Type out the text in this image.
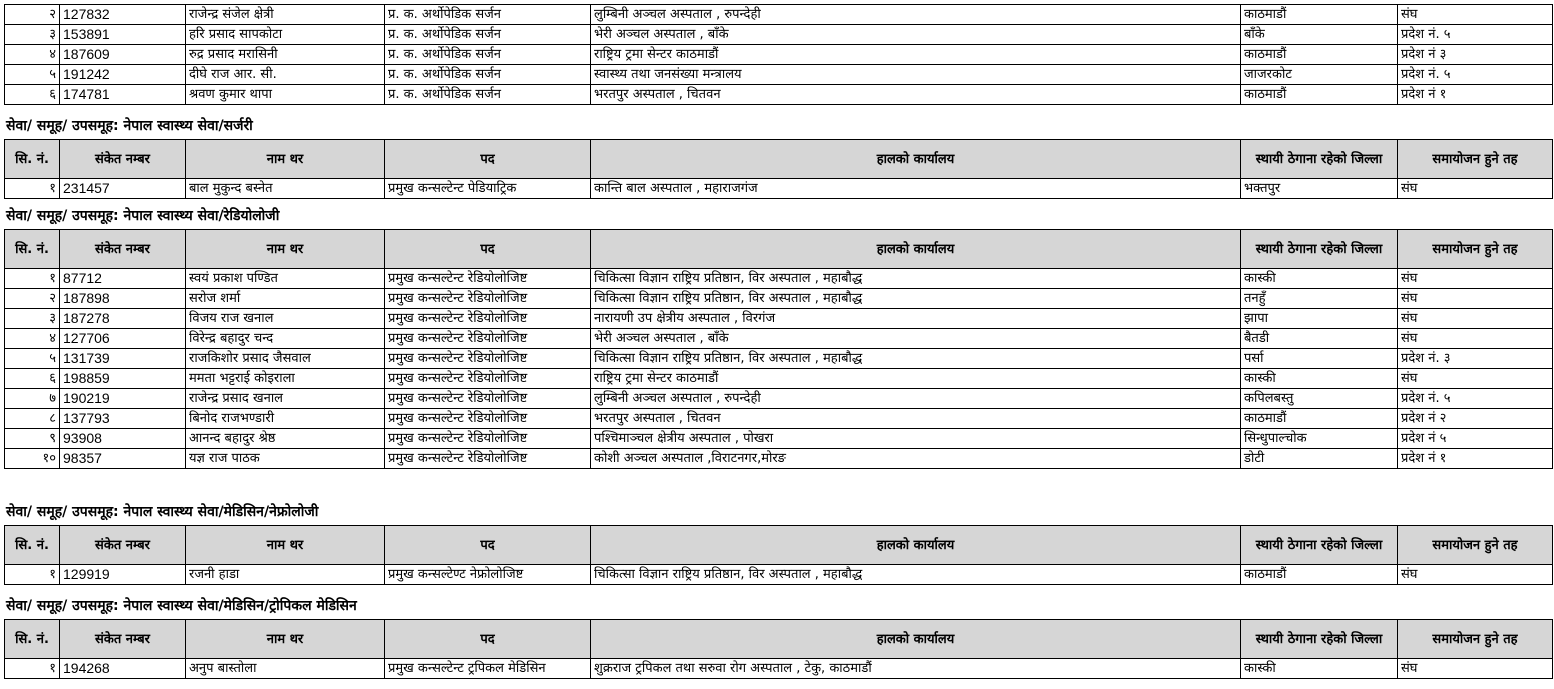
२	127832	राजेन्द्र संजेल क्षेत्री	प्र. क. अर्थोपेडिक सर्जन	लुम्बिनी अञ्चल अस्पताल , रुपन्देही	काठमाडौं	संघ
३	153891	हरि प्रसाद सापकोटा	प्र. क. अर्थोपेडिक सर्जन	भेरी अञ्चल अस्पताल , बाँके	बाँके	प्रदेश नं. ५
४	187609	रुद्र प्रसाद मरासिनी	प्र. क. अर्थोपेडिक सर्जन	राष्ट्रिय ट्रमा सेन्टर काठमाडौं	काठमाडौं	प्रदेश नं ३
५	191242	दीघे राज आर. सी.	प्र. क. अर्थोपेडिक सर्जन	स्वास्थ्य तथा जनसंख्या मन्त्रालय	जाजरकोट	प्रदेश नं. ५
६	174781	श्रवण कुमार थापा	प्र. क. अर्थोपेडिक सर्जन	भरतपुर अस्पताल , चितवन	काठमाडौं	प्रदेश नं १
सेवा/ समूह/ उपसमूह: नेपाल स्वास्थ्य सेवा/सर्जरी
सि. नं.	संकेत नम्बर	नाम थर	पद	हालको कार्यालय	स्थायी ठेगाना रहेको जिल्ला	समायोजन हुने तह
१	231457	बाल मुकुन्द बस्नेत	प्रमुख कन्सल्टेन्ट पेडियाट्रिक	कान्ति बाल अस्पताल , महाराजगंज	भक्तपुर	संघ
सेवा/ समूह/ उपसमूह: नेपाल स्वास्थ्य सेवा/रेडियोलोजी
सि. नं.	संकेत नम्बर	नाम थर	पद	हालको कार्यालय	स्थायी ठेगाना रहेको जिल्ला	समायोजन हुने तह
१	87712	स्वयं प्रकाश पण्डित	प्रमुख कन्सल्टेन्ट रेडियोलोजिष्ट	चिकित्सा विज्ञान राष्ट्रिय प्रतिष्ठान, विर अस्पताल , महाबौद्ध	कास्की	संघ
२	187898	सरोज शर्मा	प्रमुख कन्सल्टेन्ट रेडियोलोजिष्ट	चिकित्सा विज्ञान राष्ट्रिय प्रतिष्ठान, विर अस्पताल , महाबौद्ध	तनहुँ	संघ
३	187278	विजय राज खनाल	प्रमुख कन्सल्टेन्ट रेडियोलोजिष्ट	नारायणी उप क्षेत्रीय अस्पताल , विरगंज	झापा	संघ
४	127706	विरेन्द्र बहादुर चन्द	प्रमुख कन्सल्टेन्ट रेडियोलोजिष्ट	भेरी अञ्चल अस्पताल , बाँके	बैतडी	संघ
५	131739	राजकिशोर प्रसाद जैसवाल	प्रमुख कन्सल्टेन्ट रेडियोलोजिष्ट	चिकित्सा विज्ञान राष्ट्रिय प्रतिष्ठान, विर अस्पताल , महाबौद्ध	पर्सा	प्रदेश नं. ३
६	198859	ममता भट्टराई कोइराला	प्रमुख कन्सल्टेन्ट रेडियोलोजिष्ट	राष्ट्रिय ट्रमा सेन्टर काठमाडौं	कास्की	संघ
७	190219	राजेन्द्र प्रसाद खनाल	प्रमुख कन्सल्टेन्ट रेडियोलोजिष्ट	लुम्बिनी अञ्चल अस्पताल , रुपन्देही	कपिलबस्तु	प्रदेश नं. ५
८	137793	बिनोद राजभण्डारी	प्रमुख कन्सल्टेन्ट रेडियोलोजिष्ट	भरतपुर अस्पताल , चितवन	काठमाडौं	प्रदेश नं २
९	93908	आनन्द बहादुर श्रेष्ठ	प्रमुख कन्सल्टेन्ट रेडियोलोजिष्ट	पश्चिमाञ्चल क्षेत्रीय अस्पताल , पोखरा	सिन्धुपाल्चोक	प्रदेश नं ५
१०	98357	यज्ञ राज पाठक	प्रमुख कन्सल्टेन्ट रेडियोलोजिष्ट	कोशी अञ्चल अस्पताल ,विराटनगर,मोरङ	डोटी	प्रदेश नं १
सेवा/ समूह/ उपसमूह: नेपाल स्वास्थ्य सेवा/मेडिसिन/नेफ्रोलोजी
सि. नं.	संकेत नम्बर	नाम थर	पद	हालको कार्यालय	स्थायी ठेगाना रहेको जिल्ला	समायोजन हुने तह
१	129919	रजनी हाडा	प्रमुख कन्सल्टेण्ट नेफ्रोलोजिष्ट	चिकित्सा विज्ञान राष्ट्रिय प्रतिष्ठान, विर अस्पताल , महाबौद्ध	काठमाडौं	संघ
सेवा/ समूह/ उपसमूह: नेपाल स्वास्थ्य सेवा/मेडिसिन/ट्रोपिकल मेडिसिन
सि. नं.	संकेत नम्बर	नाम थर	पद	हालको कार्यालय	स्थायी ठेगाना रहेको जिल्ला	समायोजन हुने तह
१	194268	अनुप बास्तोला	प्रमुख कन्सल्टेन्ट ट्रपिकल मेडिसिन	शुक्रराज ट्रपिकल तथा सरुवा रोग अस्पताल , टेकु, काठमाडौं	कास्की	संघ
